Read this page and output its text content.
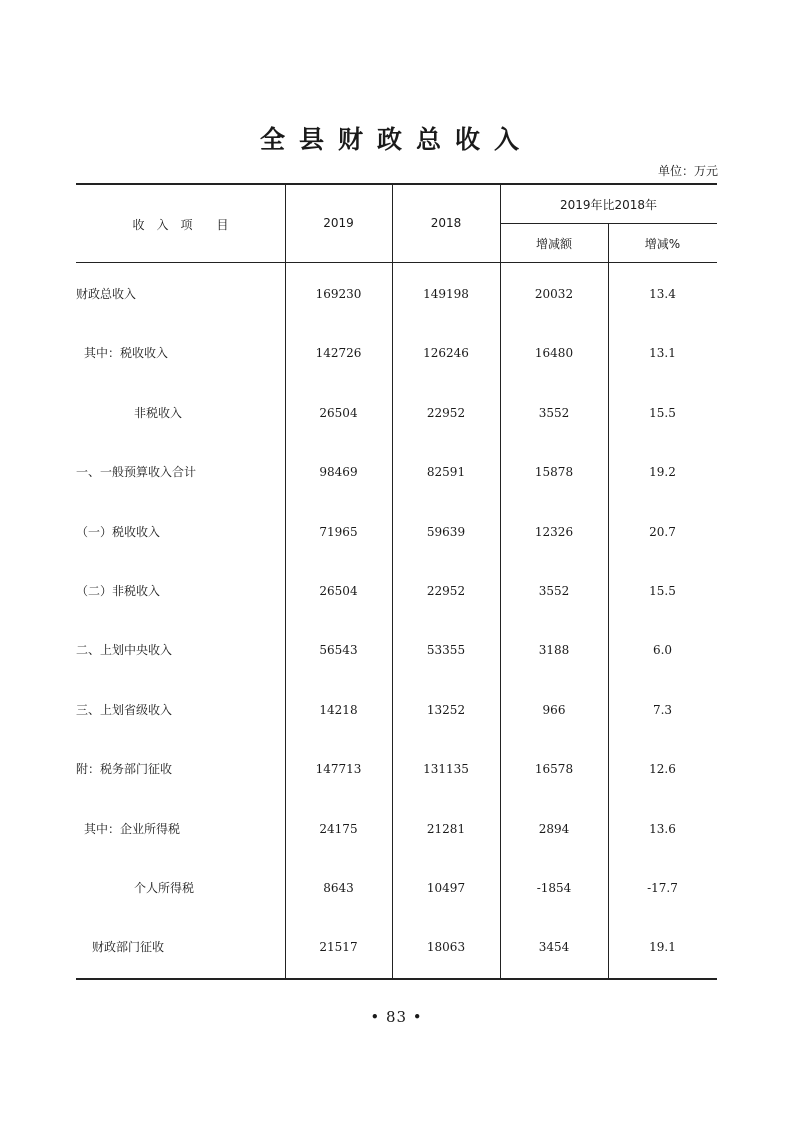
全县财政总收入
单位：万元
收　入　项　　目	2019	2018
2019年比2018年
增减额	增减%
财政总收入	169230	149198	20032	13.4
其中：税收收入	142726	126246	16480	13.1
非税收入	26504	22952	3552	15.5
一、一般预算收入合计	98469	82591	15878	19.2
（一）税收收入	71965	59639	12326	20.7
（二）非税收入	26504	22952	3552	15.5
二、上划中央收入	56543	53355	3188	6.0
三、上划省级收入	14218	13252	966	7.3
附：税务部门征收	147713	131135	16578	12.6
其中：企业所得税	24175	21281	2894	13.6
个人所得税	8643	10497	-1854	-17.7
财政部门征收	21517	18063	3454	19.1
• 83 •
